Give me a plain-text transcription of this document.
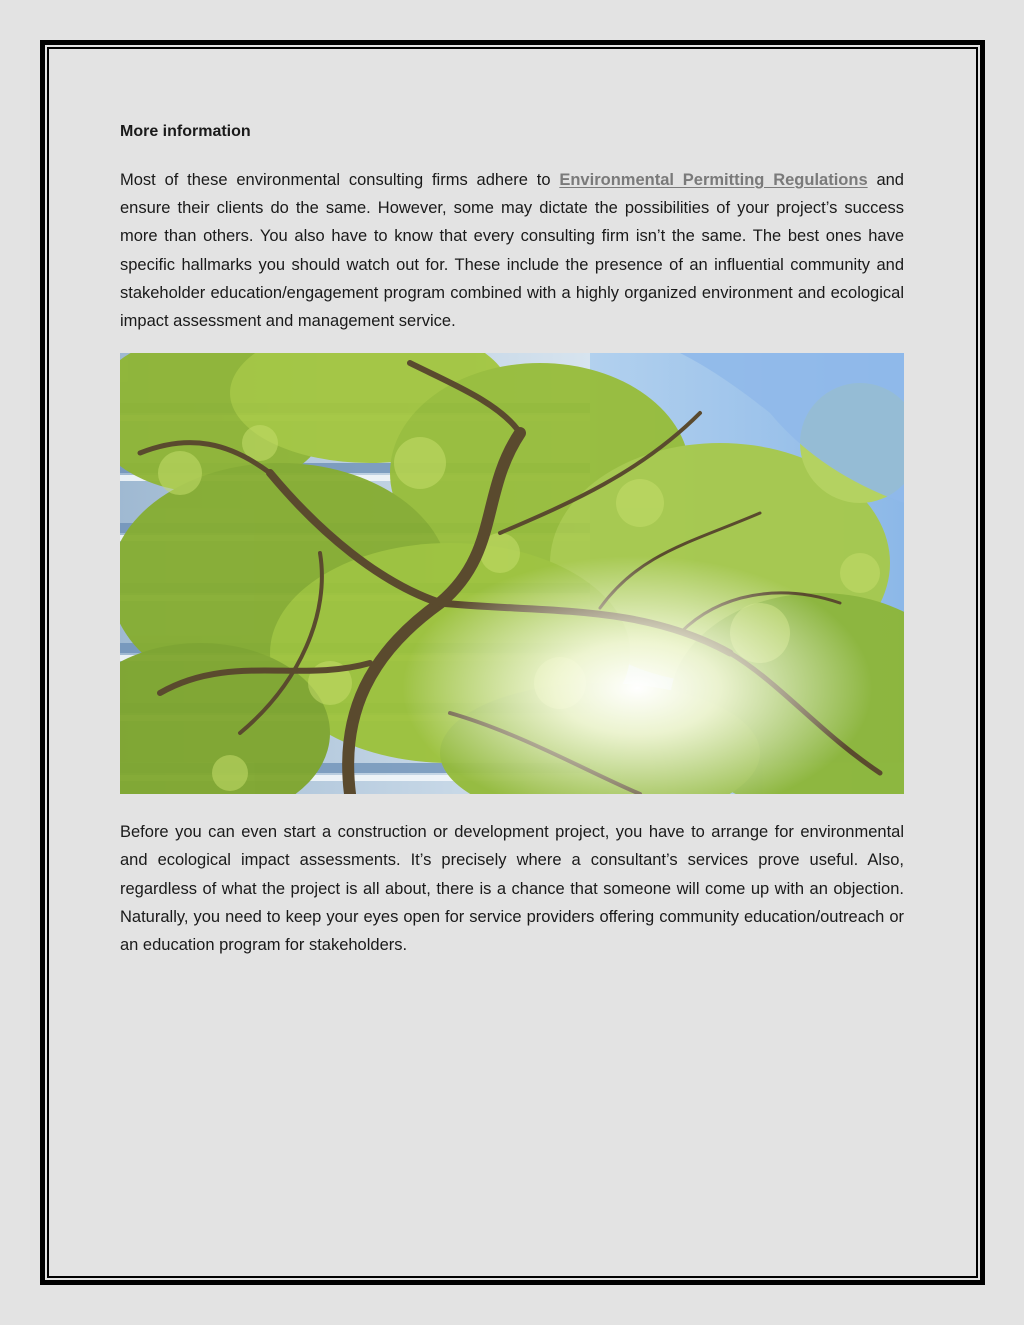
More information

Most of these environmental consulting firms adhere to Environmental Permitting Regulations and ensure their clients do the same. However, some may dictate the possibilities of your project’s success more than others. You also have to know that every consulting firm isn’t the same. The best ones have specific hallmarks you should watch out for. These include the presence of an influential community and stakeholder education/engagement program combined with a highly organized environment and ecological impact assessment and management service.

Before you can even start a construction or development project, you have to arrange for environmental and ecological impact assessments. It’s precisely where a consultant’s services prove useful. Also, regardless of what the project is all about, there is a chance that someone will come up with an objection. Naturally, you need to keep your eyes open for service providers offering community education/outreach or an education program for stakeholders.
